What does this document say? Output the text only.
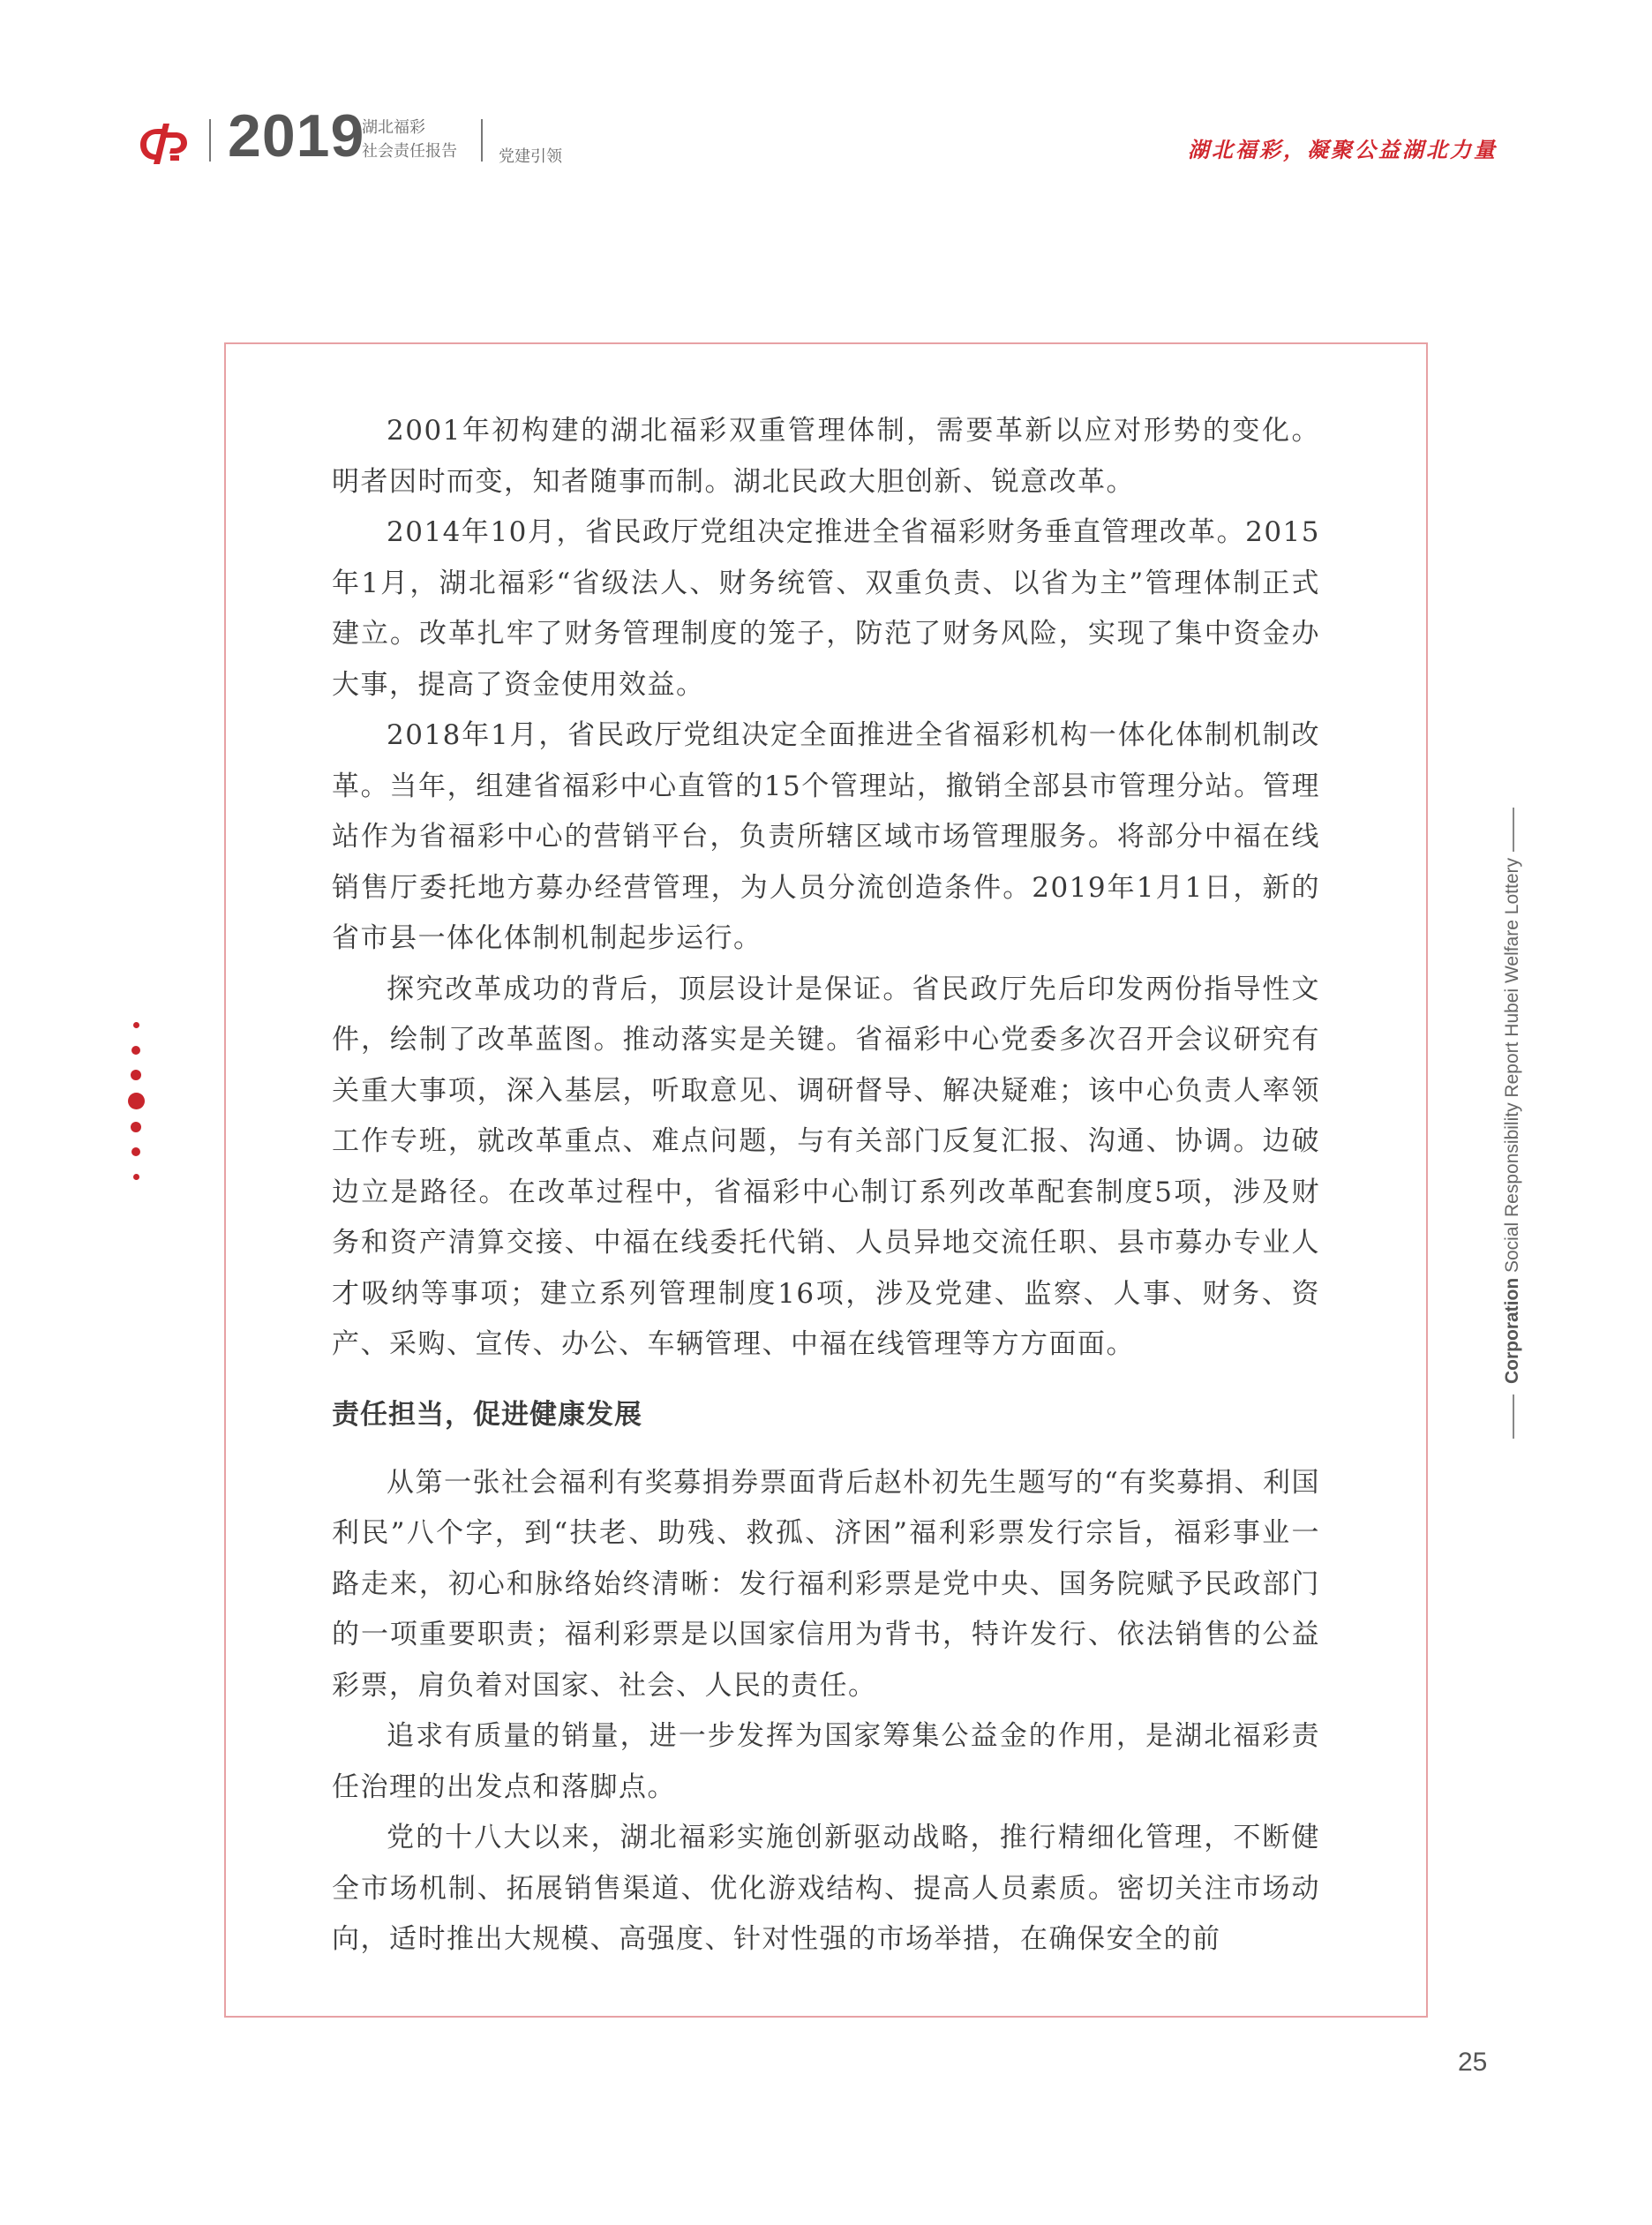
2019
湖北福彩
社会责任报告	党建引领	湖北福彩，凝聚公益湖北力量

2001年初构建的湖北福彩双重管理体制，需要革新以应对形势的变化。明者因时而变，知者随事而制。湖北民政大胆创新、锐意改革。

2014年10月，省民政厅党组决定推进全省福彩财务垂直管理改革。2015年1月，湖北福彩“省级法人、财务统管、双重负责、以省为主”管理体制正式建立。改革扎牢了财务管理制度的笼子，防范了财务风险，实现了集中资金办大事，提高了资金使用效益。

2018年1月，省民政厅党组决定全面推进全省福彩机构一体化体制机制改革。当年，组建省福彩中心直管的15个管理站，撤销全部县市管理分站。管理站作为省福彩中心的营销平台，负责所辖区域市场管理服务。将部分中福在线销售厅委托地方募办经营管理，为人员分流创造条件。2019年1月1日，新的省市县一体化体制机制起步运行。

探究改革成功的背后，顶层设计是保证。省民政厅先后印发两份指导性文件，绘制了改革蓝图。推动落实是关键。省福彩中心党委多次召开会议研究有关重大事项，深入基层，听取意见、调研督导、解决疑难；该中心负责人率领工作专班，就改革重点、难点问题，与有关部门反复汇报、沟通、协调。边破边立是路径。在改革过程中，省福彩中心制订系列改革配套制度5项，涉及财务和资产清算交接、中福在线委托代销、人员异地交流任职、县市募办专业人才吸纳等事项；建立系列管理制度16项，涉及党建、监察、人事、财务、资产、采购、宣传、办公、车辆管理、中福在线管理等方方面面。

责任担当，促进健康发展

从第一张社会福利有奖募捐券票面背后赵朴初先生题写的“有奖募捐、利国利民”八个字，到“扶老、助残、救孤、济困”福利彩票发行宗旨，福彩事业一路走来，初心和脉络始终清晰：发行福利彩票是党中央、国务院赋予民政部门的一项重要职责；福利彩票是以国家信用为背书，特许发行、依法销售的公益彩票，肩负着对国家、社会、人民的责任。

追求有质量的销量，进一步发挥为国家筹集公益金的作用，是湖北福彩责任治理的出发点和落脚点。

党的十八大以来，湖北福彩实施创新驱动战略，推行精细化管理，不断健全市场机制、拓展销售渠道、优化游戏结构、提高人员素质。密切关注市场动向，适时推出大规模、高强度、针对性强的市场举措，在确保安全的前

Corporation Social Responsibility Report Hubei Welfare Lottery
25
